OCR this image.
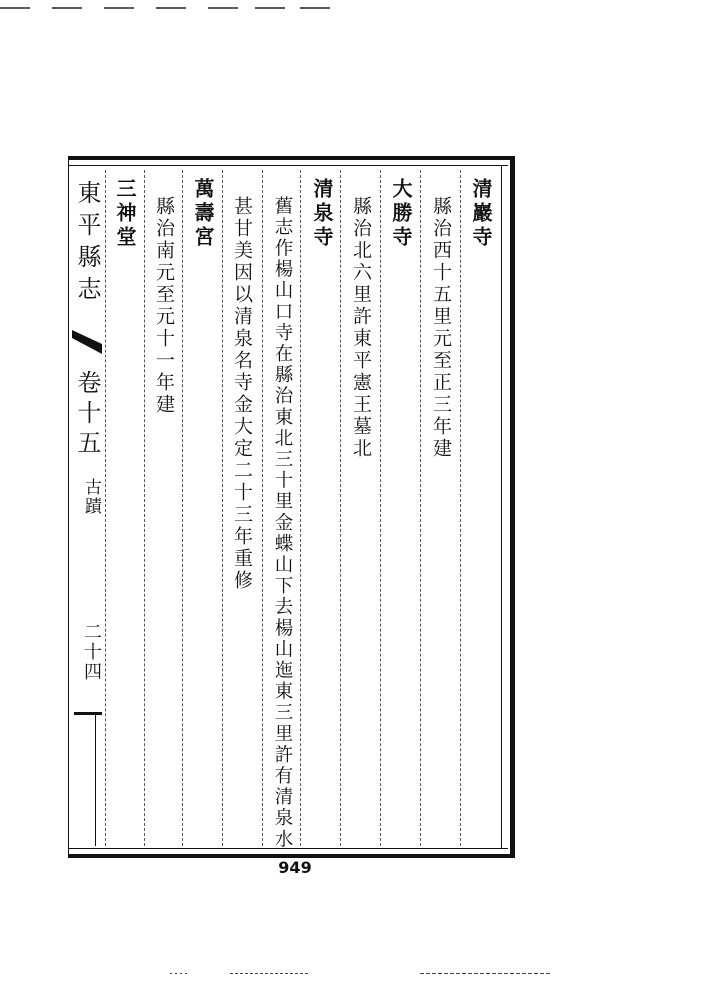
清巖寺
縣治西十五里元至正三年建
大勝寺
縣治北六里許東平憲王墓北
清泉寺
舊志作楊山口寺在縣治東北三十里金蝶山下去楊山迤東三里許有清泉水
甚甘美因以清泉名寺金大定二十三年重修
萬壽宮
縣治南元至元十一年建
三神堂
東平縣志
卷十五
古蹟
二十四
949
